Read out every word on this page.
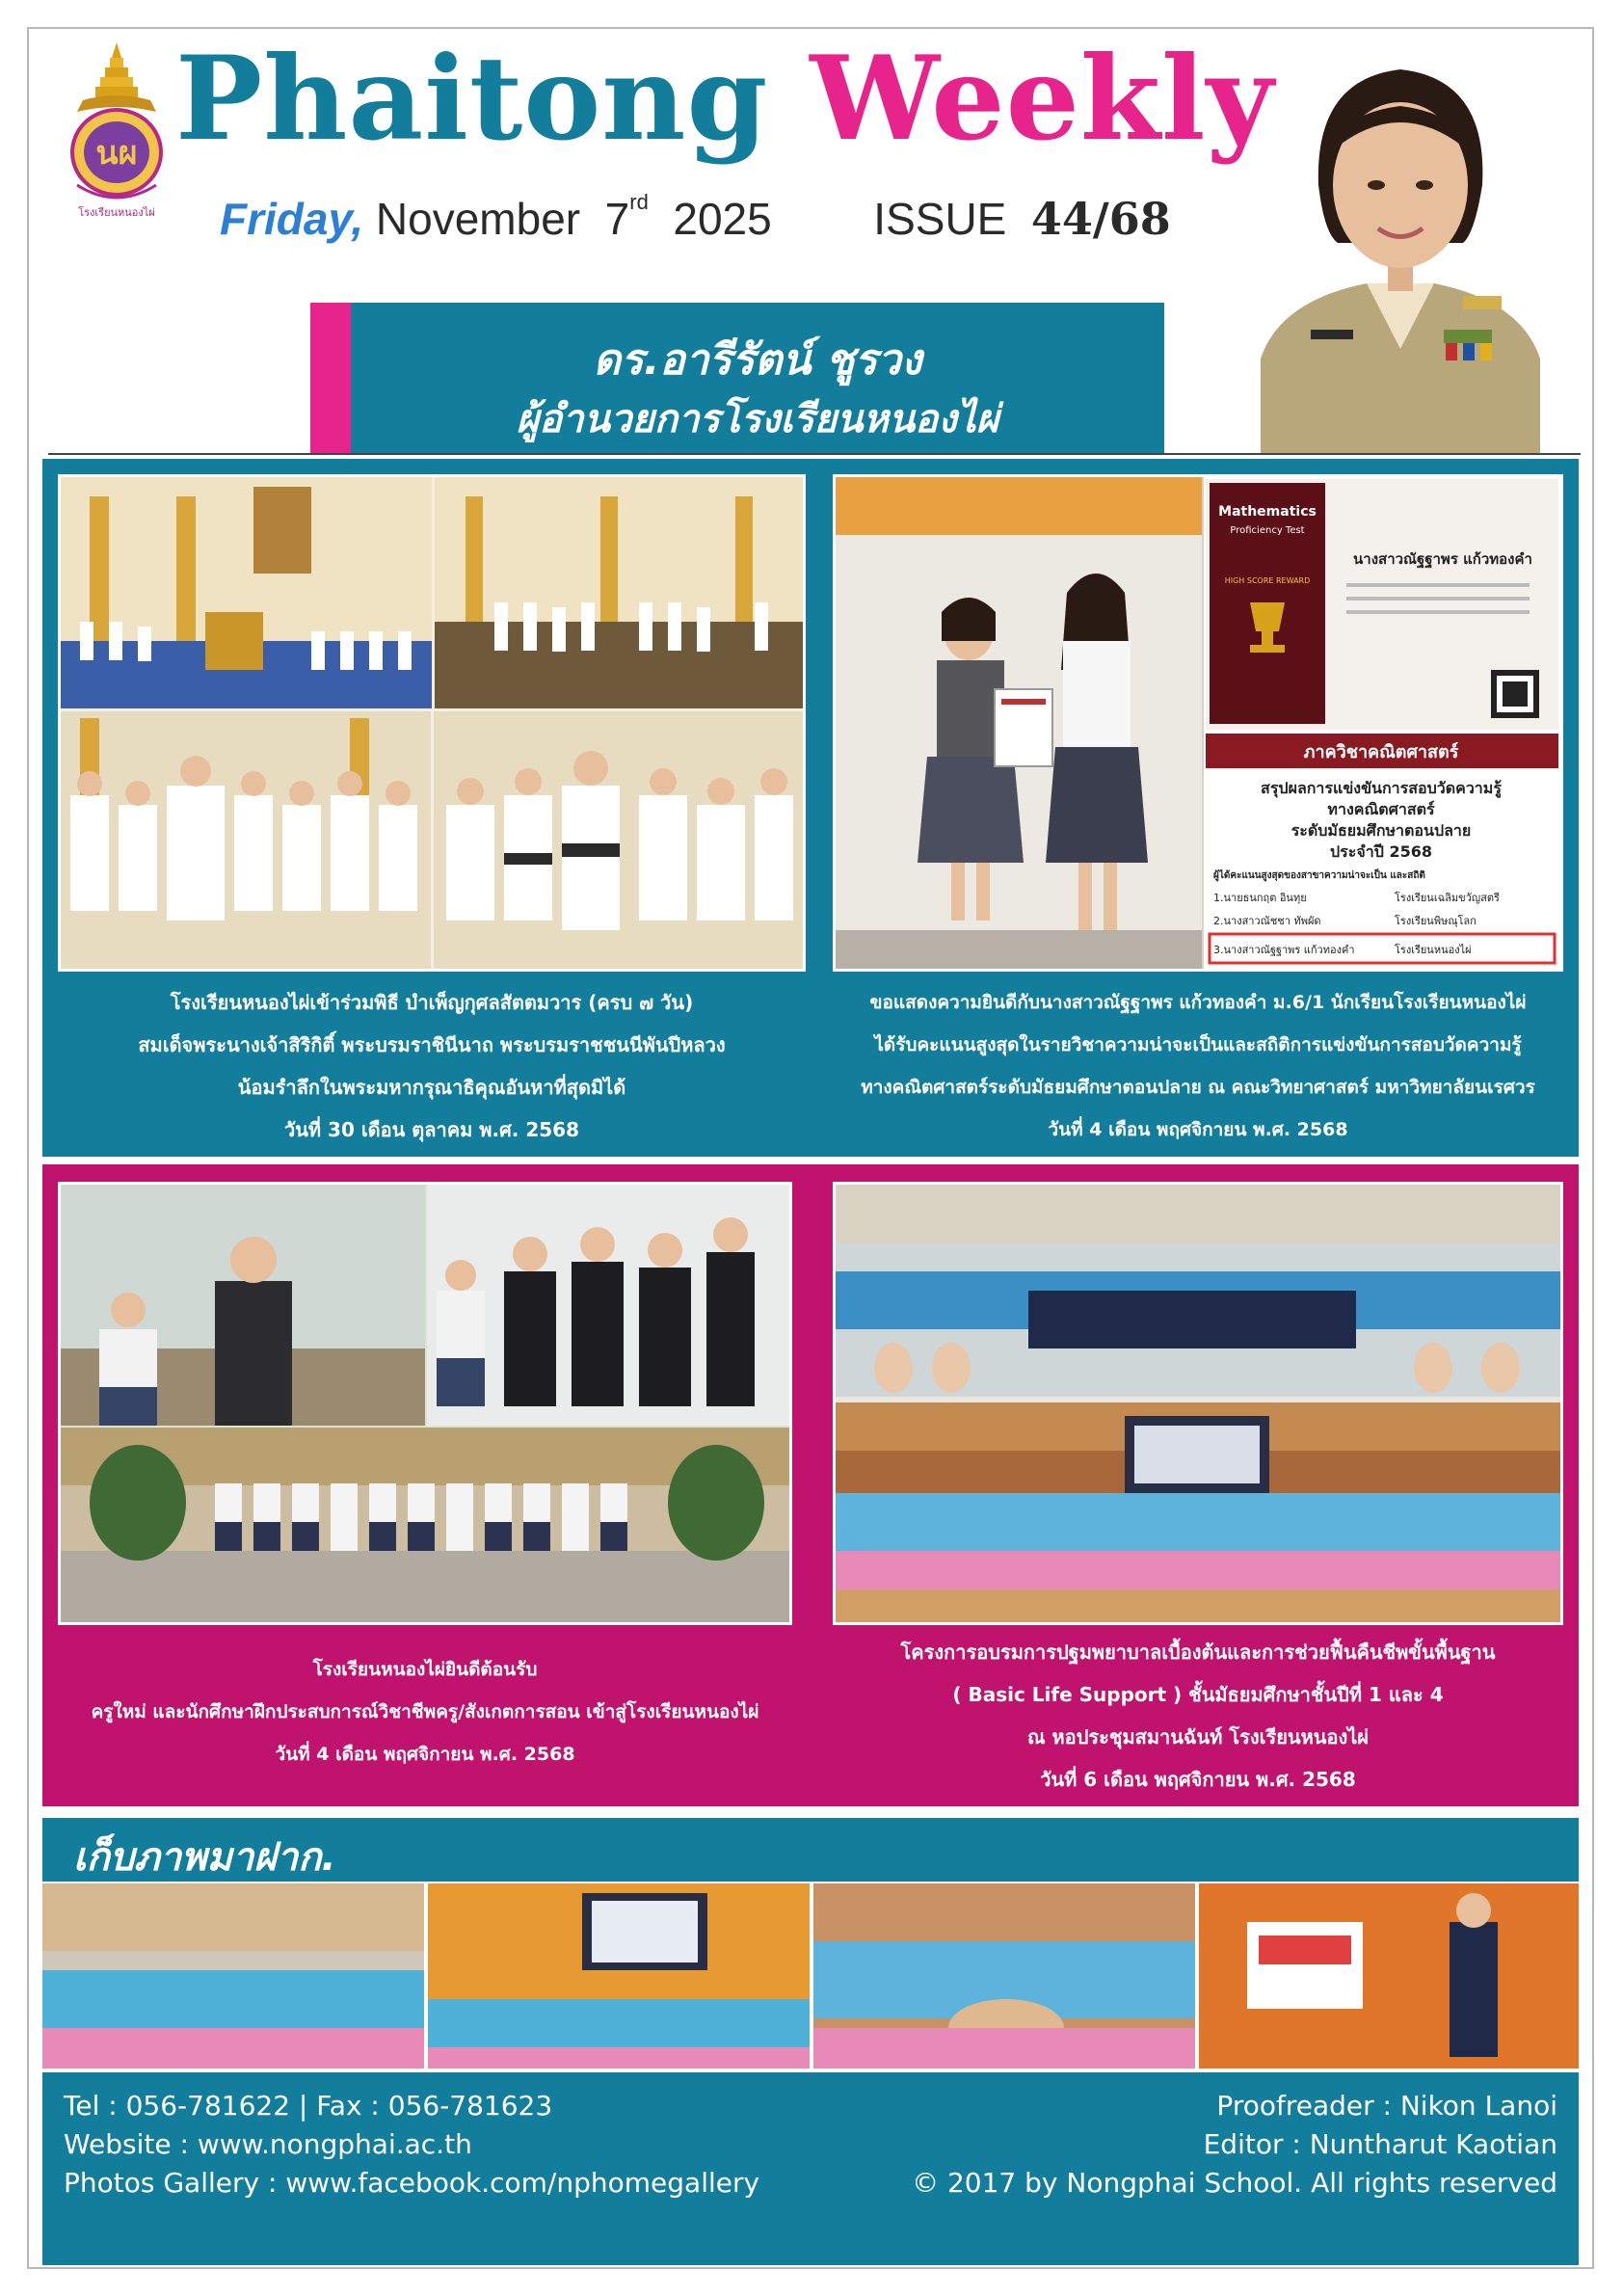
นผ
โรงเรียนหนองไผ่
Phaitong Weekly
Friday, November 7rd 2025 ISSUE 44/68
ดร.อารีรัตน์ ชูรวง
ผู้อำนวยการโรงเรียนหนองไผ่
Mathematics
Proficiency Test
HIGH SCORE REWARD
นางสาวณัฐฐาพร แก้วทองคำ
ภาควิชาคณิตศาสตร์
สรุปผลการแข่งขันการสอบวัดความรู้
ทางคณิตศาสตร์
ระดับมัธยมศึกษาตอนปลาย
ประจำปี 2568
ผู้ได้คะแนนสูงสุดของสาขาความน่าจะเป็น และสถิติ
1.นายธนกฤต อินทุย	โรงเรียนเฉลิมขวัญสตรี
2.นางสาวณัชชา ทัพผัด	โรงเรียนพิษณุโลก
3.นางสาวณัฐฐาพร แก้วทองคำ	โรงเรียนหนองไผ่
โรงเรียนหนองไผ่เข้าร่วมพิธี บำเพ็ญกุศลสัตตมวาร (ครบ ๗ วัน)
สมเด็จพระนางเจ้าสิริกิติ์ พระบรมราชินีนาถ พระบรมราชชนนีพันปีหลวง
น้อมรำลึกในพระมหากรุณาธิคุณอันหาที่สุดมิได้
วันที่ 30 เดือน ตุลาคม พ.ศ. 2568
ขอแสดงความยินดีกับนางสาวณัฐฐาพร แก้วทองคำ ม.6/1 นักเรียนโรงเรียนหนองไผ่
ได้รับคะแนนสูงสุดในรายวิชาความน่าจะเป็นและสถิติการแข่งขันการสอบวัดความรู้
ทางคณิตศาสตร์ระดับมัธยมศึกษาตอนปลาย ณ คณะวิทยาศาสตร์ มหาวิทยาลัยนเรศวร
วันที่ 4 เดือน พฤศจิกายน พ.ศ. 2568
โรงเรียนหนองไผ่ยินดีต้อนรับ
ครูใหม่ และนักศึกษาฝึกประสบการณ์วิชาชีพครู/สังเกตการสอน เข้าสู่โรงเรียนหนองไผ่
วันที่ 4 เดือน พฤศจิกายน พ.ศ. 2568
โครงการอบรมการปฐมพยาบาลเบื้องต้นและการช่วยฟื้นคืนชีพขั้นพื้นฐาน
( Basic Life Support ) ชั้นมัธยมศึกษาชั้นปีที่ 1 และ 4
ณ หอประชุมสมานฉันท์ โรงเรียนหนองไผ่
วันที่ 6 เดือน พฤศจิกายน พ.ศ. 2568
เก็บภาพมาฝาก.
Tel : 056-781622 | Fax : 056-781623
Website : www.nongphai.ac.th
Photos Gallery : www.facebook.com/nphomegallery
Proofreader : Nikon Lanoi
Editor : Nuntharut Kaotian
© 2017 by Nongphai School. All rights reserved
